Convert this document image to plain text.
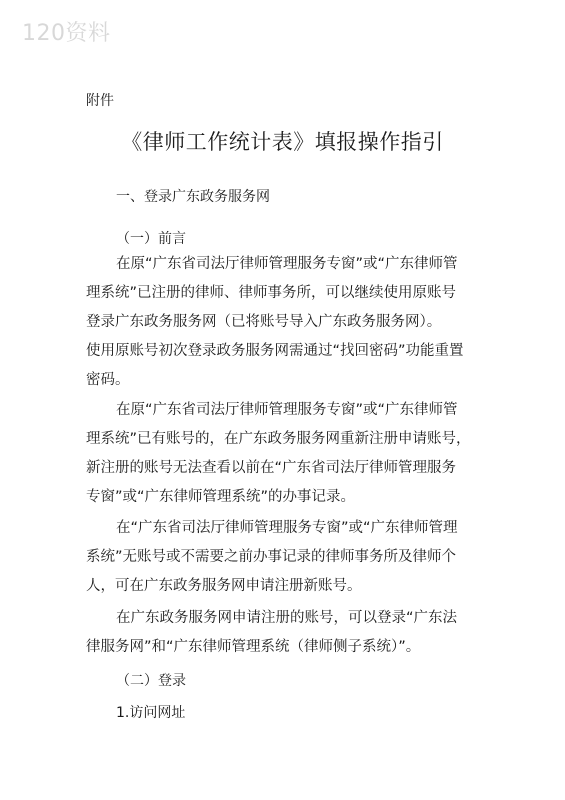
120资料
附件
《律师工作统计表》填报操作指引
一、登录广东政务服务网
（一）前言

在原“广东省司法厅律师管理服务专窗”或“广东律师管
理系统”已注册的律师、律师事务所，可以继续使用原账号
登录广东政务服务网（已将账号导入广东政务服务网）。
使用原账号初次登录政务服务网需通过“找回密码”功能重置
密码。

在原“广东省司法厅律师管理服务专窗”或“广东律师管
理系统”已有账号的，在广东政务服务网重新注册申请账号，
新注册的账号无法查看以前在“广东省司法厅律师管理服务
专窗”或“广东律师管理系统”的办事记录。

在“广东省司法厅律师管理服务专窗”或“广东律师管理
系统”无账号或不需要之前办事记录的律师事务所及律师个
人，可在广东政务服务网申请注册新账号。

在广东政务服务网申请注册的账号，可以登录“广东法
律服务网”和“广东律师管理系统（律师侧子系统）”。

（二）登录
1.访问网址
